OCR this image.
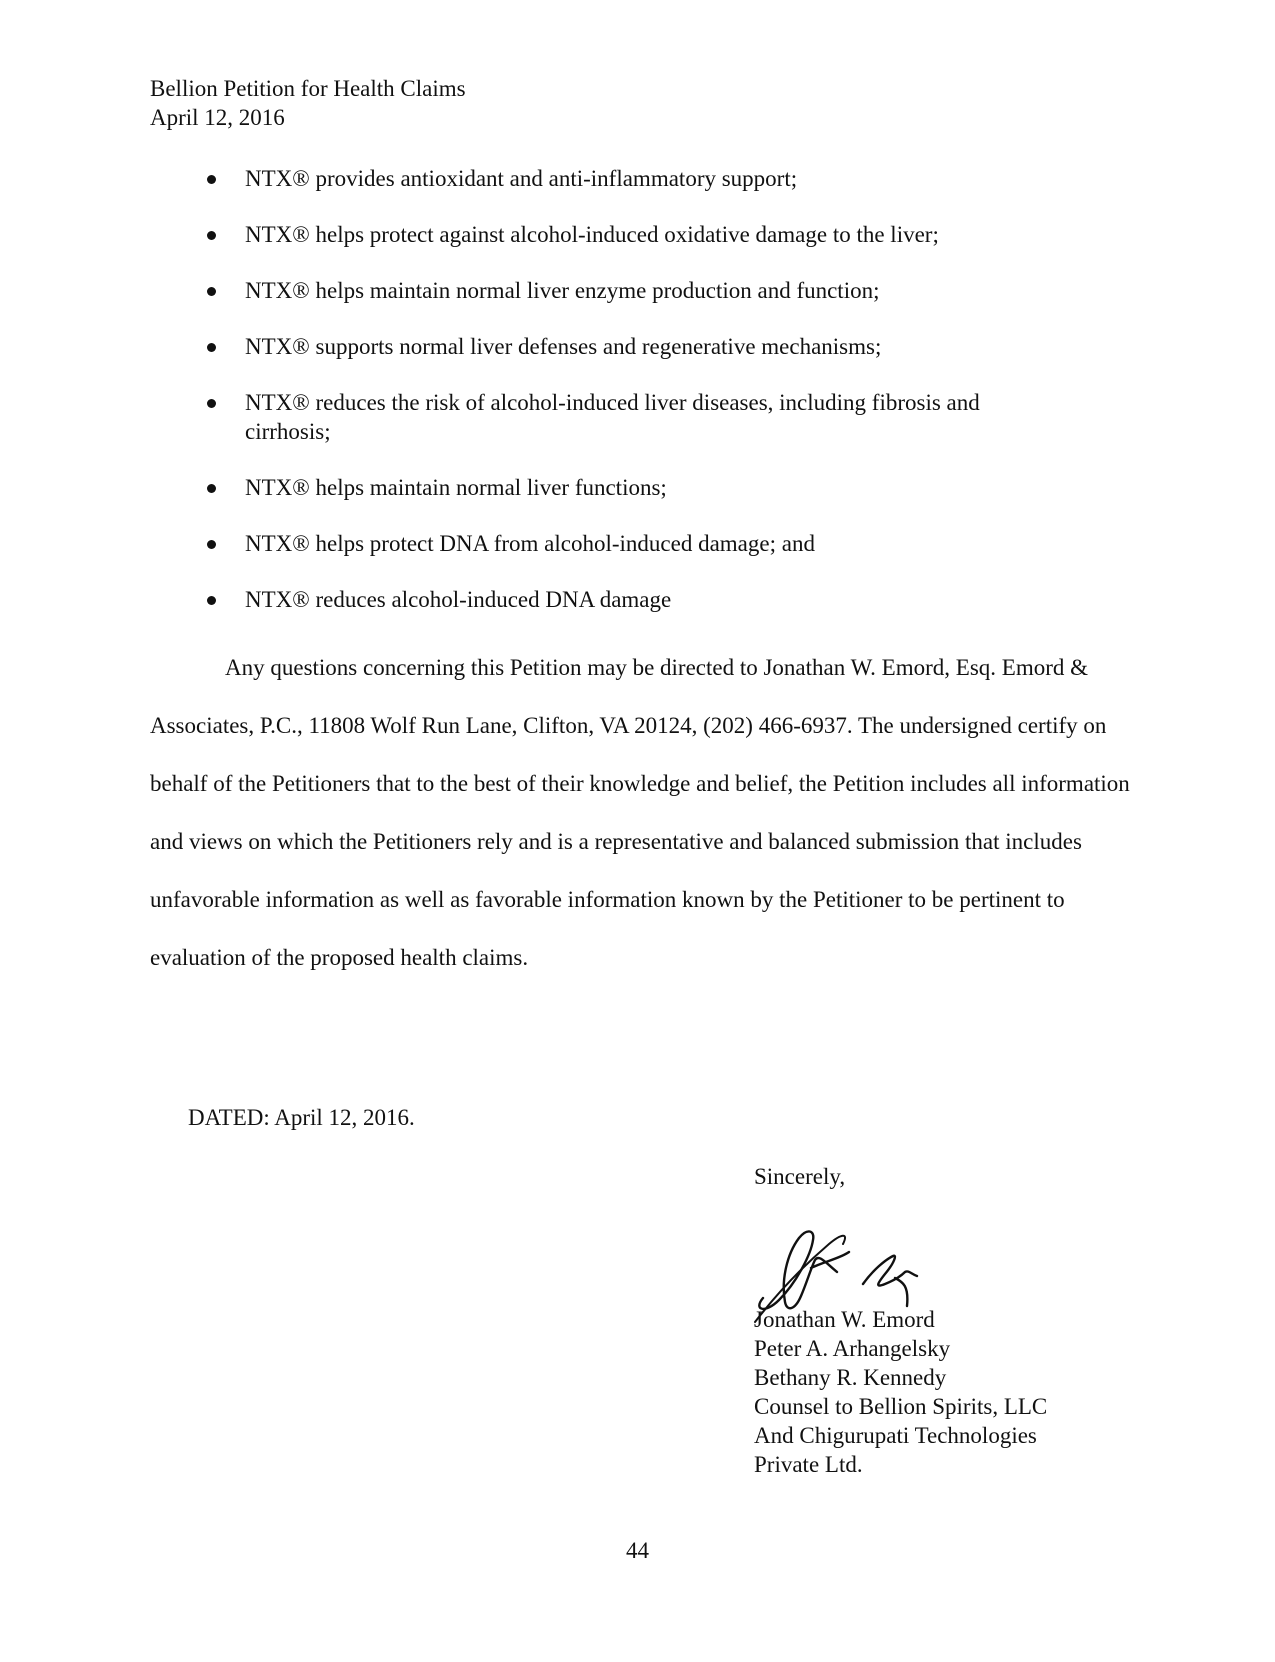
Bellion Petition for Health Claims
April 12, 2016
NTX® provides antioxidant and anti-inflammatory support;
NTX® helps protect against alcohol-induced oxidative damage to the liver;
NTX® helps maintain normal liver enzyme production and function;
NTX® supports normal liver defenses and regenerative mechanisms;
NTX® reduces the risk of alcohol-induced liver diseases, including fibrosis and cirrhosis;
NTX® helps maintain normal liver functions;
NTX® helps protect DNA from alcohol-induced damage; and
NTX® reduces alcohol-induced DNA damage

Any questions concerning this Petition may be directed to Jonathan W. Emord, Esq. Emord & Associates, P.C., 11808 Wolf Run Lane, Clifton, VA 20124, (202) 466-6937. The undersigned certify on behalf of the Petitioners that to the best of their knowledge and belief, the Petition includes all information and views on which the Petitioners rely and is a representative and balanced submission that includes unfavorable information as well as favorable information known by the Petitioner to be pertinent to evaluation of the proposed health claims.

DATED: April 12, 2016.
Sincerely,
Jonathan W. Emord
Peter A. Arhangelsky
Bethany R. Kennedy
Counsel to Bellion Spirits, LLC
And Chigurupati Technologies
Private Ltd.
44
